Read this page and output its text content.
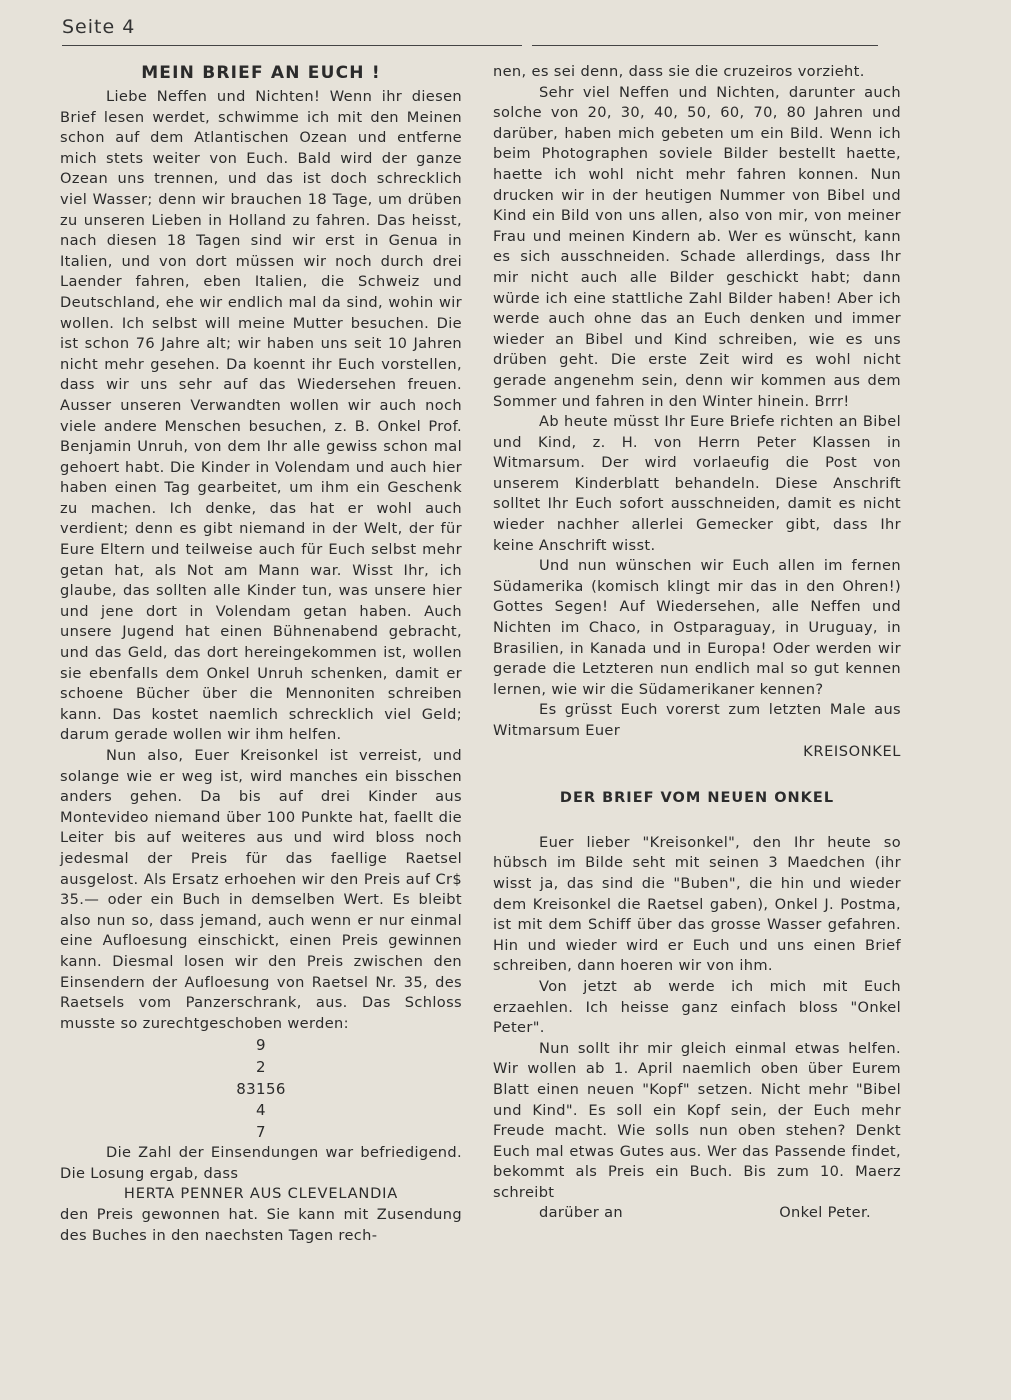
Seite 4
MEIN BRIEF AN EUCH !

Liebe Neffen und Nichten! Wenn ihr diesen Brief lesen werdet, schwimme ich mit den Meinen schon auf dem Atlantischen Ozean und entferne mich stets weiter von Euch. Bald wird der ganze Ozean uns trennen, und das ist doch schrecklich viel Wasser; denn wir brauchen 18 Tage, um drüben zu unseren Lieben in Holland zu fahren. Das heisst, nach diesen 18 Tagen sind wir erst in Genua in Italien, und von dort müssen wir noch durch drei Laender fahren, eben Italien, die Schweiz und Deutschland, ehe wir endlich mal da sind, wohin wir wollen. Ich selbst will meine Mutter besuchen. Die ist schon 76 Jahre alt; wir haben uns seit 10 Jahren nicht mehr gesehen. Da koennt ihr Euch vorstellen, dass wir uns sehr auf das Wiedersehen freuen. Ausser unseren Verwandten wollen wir auch noch viele andere Menschen besuchen, z. B. Onkel Prof. Benjamin Unruh, von dem Ihr alle gewiss schon mal gehoert habt. Die Kinder in Volendam und auch hier haben einen Tag gearbeitet, um ihm ein Geschenk zu machen. Ich denke, das hat er wohl auch verdient; denn es gibt niemand in der Welt, der für Eure Eltern und teilweise auch für Euch selbst mehr getan hat, als Not am Mann war. Wisst Ihr, ich glaube, das sollten alle Kinder tun, was unsere hier und jene dort in Volendam getan haben. Auch unsere Jugend hat einen Bühnenabend gebracht, und das Geld, das dort hereingekommen ist, wollen sie ebenfalls dem Onkel Unruh schenken, damit er schoene Bücher über die Mennoniten schreiben kann. Das kostet naemlich schrecklich viel Geld; darum gerade wollen wir ihm helfen.

Nun also, Euer Kreisonkel ist verreist, und solange wie er weg ist, wird manches ein bisschen anders gehen. Da bis auf drei Kinder aus Montevideo niemand über 100 Punkte hat, faellt die Leiter bis auf weiteres aus und wird bloss noch jedesmal der Preis für das faellige Raetsel ausgelost. Als Ersatz erhoehen wir den Preis auf Cr$ 35.— oder ein Buch in demselben Wert. Es bleibt also nun so, dass jemand, auch wenn er nur einmal eine Aufloesung einschickt, einen Preis gewinnen kann. Diesmal losen wir den Preis zwischen den Einsendern der Aufloesung von Raetsel Nr. 35, des Raetsels vom Panzerschrank, aus. Das Schloss musste so zurechtgeschoben werden:

9
2
83156
4
7

Die Zahl der Einsendungen war befriedigend. Die Losung ergab, dass

HERTA PENNER AUS CLEVELANDIA

den Preis gewonnen hat. Sie kann mit Zusendung des Buches in den naechsten Tagen rech-

nen, es sei denn, dass sie die cruzeiros vorzieht.

Sehr viel Neffen und Nichten, darunter auch solche von 20, 30, 40, 50, 60, 70, 80 Jahren und darüber, haben mich gebeten um ein Bild. Wenn ich beim Photographen soviele Bilder bestellt haette, haette ich wohl nicht mehr fahren konnen. Nun drucken wir in der heutigen Nummer von Bibel und Kind ein Bild von uns allen, also von mir, von meiner Frau und meinen Kindern ab. Wer es wünscht, kann es sich ausschneiden. Schade allerdings, dass Ihr mir nicht auch alle Bilder geschickt habt; dann würde ich eine stattliche Zahl Bilder haben! Aber ich werde auch ohne das an Euch denken und immer wieder an Bibel und Kind schreiben, wie es uns drüben geht. Die erste Zeit wird es wohl nicht gerade angenehm sein, denn wir kommen aus dem Sommer und fahren in den Winter hinein. Brrr!

Ab heute müsst Ihr Eure Briefe richten an Bibel und Kind, z. H. von Herrn Peter Klassen in Witmarsum. Der wird vorlaeufig die Post von unserem Kinderblatt behandeln. Diese Anschrift solltet Ihr Euch sofort ausschneiden, damit es nicht wieder nachher allerlei Gemecker gibt, dass Ihr keine Anschrift wisst.

Und nun wünschen wir Euch allen im fernen Südamerika (komisch klingt mir das in den Ohren!) Gottes Segen! Auf Wiedersehen, alle Neffen und Nichten im Chaco, in Ostparaguay, in Uruguay, in Brasilien, in Kanada und in Europa! Oder werden wir gerade die Letzteren nun endlich mal so gut kennen lernen, wie wir die Südamerikaner kennen?

Es grüsst Euch vorerst zum letzten Male aus Witmarsum Euer

KREISONKEL

DER BRIEF VOM NEUEN ONKEL

Euer lieber "Kreisonkel", den Ihr heute so hübsch im Bilde seht mit seinen 3 Maedchen (ihr wisst ja, das sind die "Buben", die hin und wieder dem Kreisonkel die Raetsel gaben), Onkel J. Postma, ist mit dem Schiff über das grosse Wasser gefahren. Hin und wieder wird er Euch und uns einen Brief schreiben, dann hoeren wir von ihm.

Von jetzt ab werde ich mich mit Euch erzaehlen. Ich heisse ganz einfach bloss "Onkel Peter".

Nun sollt ihr mir gleich einmal etwas helfen. Wir wollen ab 1. April naemlich oben über Eurem Blatt einen neuen "Kopf" setzen. Nicht mehr "Bibel und Kind". Es soll ein Kopf sein, der Euch mehr Freude macht. Wie solls nun oben stehen? Denkt Euch mal etwas Gutes aus. Wer das Passende findet, bekommt als Preis ein Buch. Bis zum 10. Maerz schreibt

darüber an	Onkel Peter.
